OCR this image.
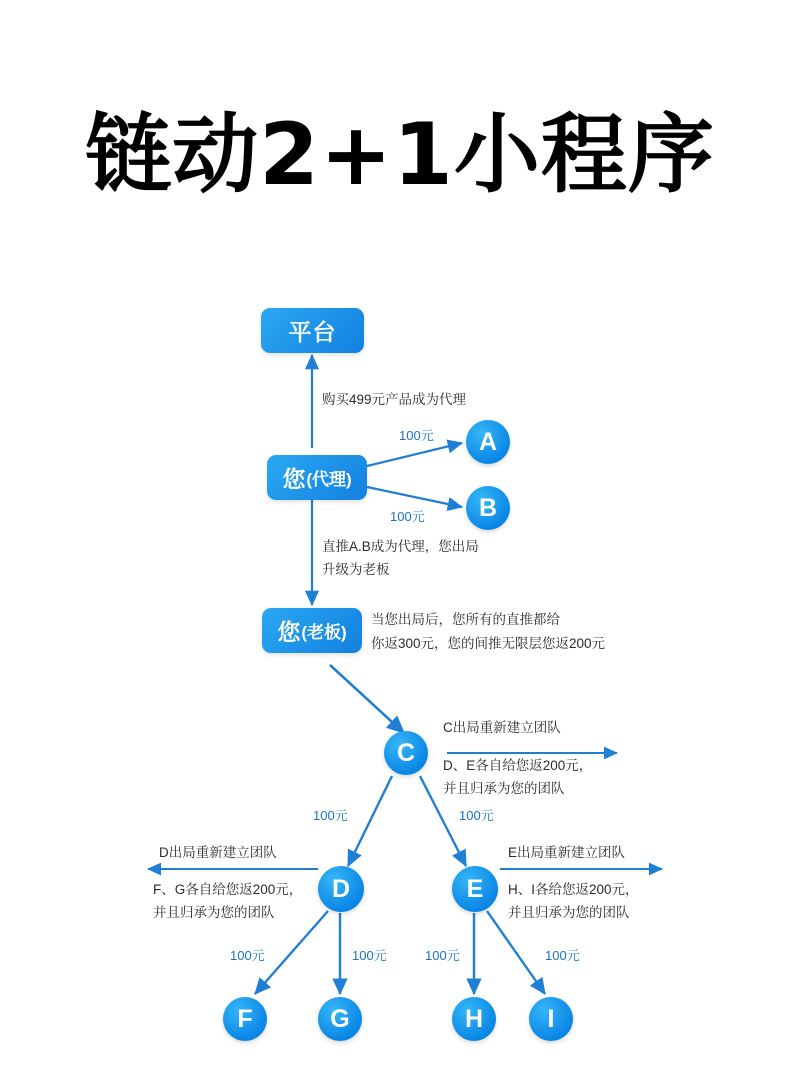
链动2+1小程序
平台
您 (代理)
您 (老板)
A
B
C
D	E
F	G	H	I
购买499元产品成为代理
100元
100元
直推A.B成为代理，您出局
升级为老板
当您出局后，您所有的直推都给
你返300元，您的间推无限层您返200元
C出局重新建立团队
D、E各自给您返200元，
并且归承为您的团队
100元	100元
D出局重新建立团队
F、G各自给您返200元，
并且归承为您的团队
E出局重新建立团队
H、I各给您返200元，
并且归承为您的团队
100元	100元	100元	100元
